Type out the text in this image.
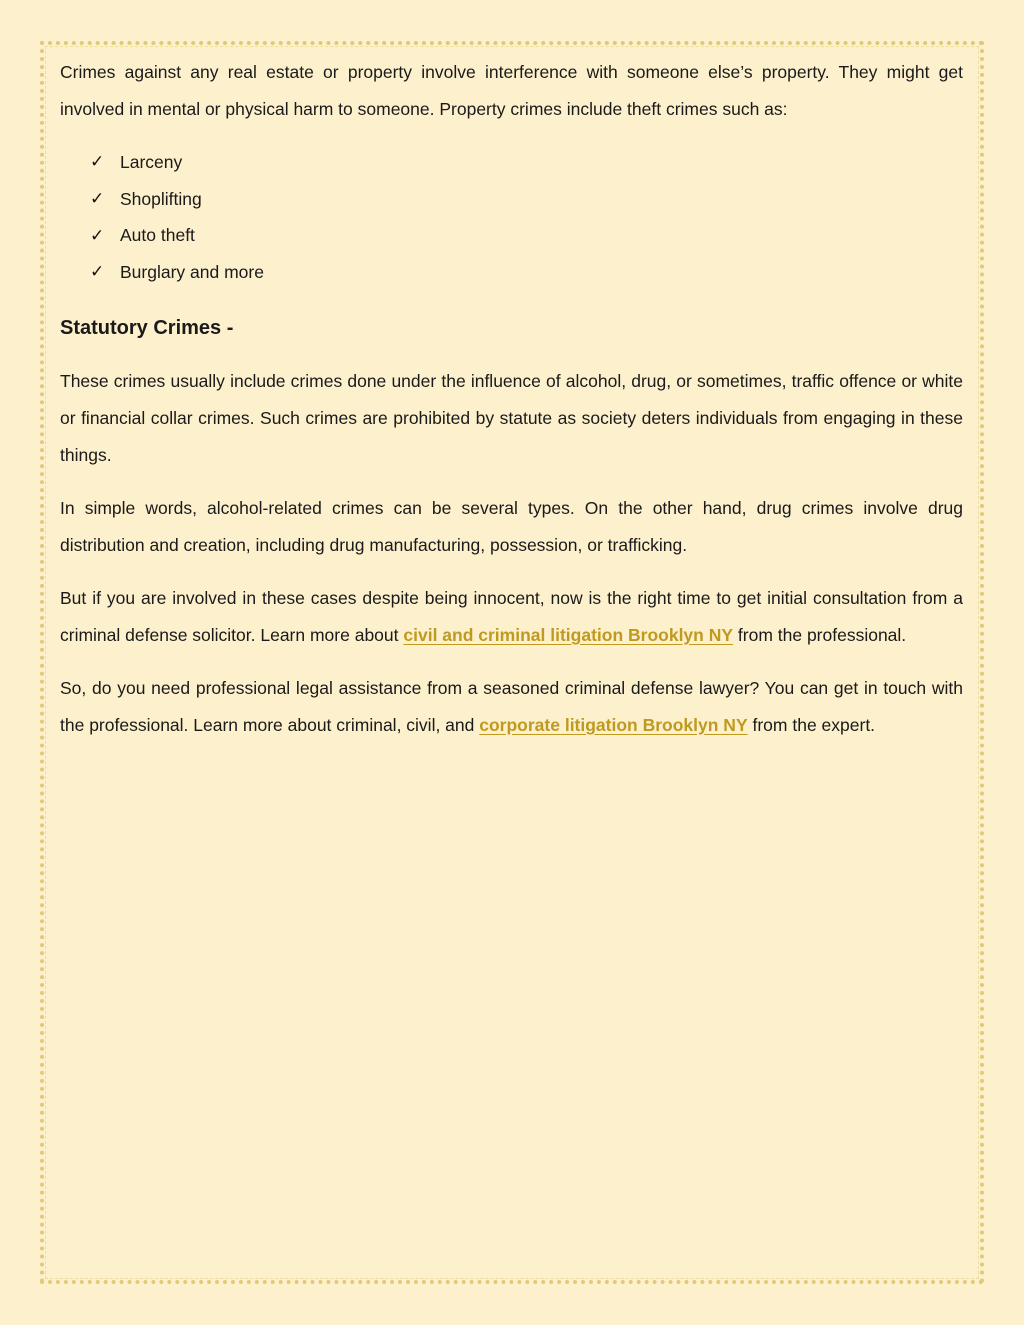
Crimes against any real estate or property involve interference with someone else’s property. They might get involved in mental or physical harm to someone. Property crimes include theft crimes such as:

✓ Larceny
✓ Shoplifting
✓ Auto theft
✓ Burglary and more
Statutory Crimes -

These crimes usually include crimes done under the influence of alcohol, drug, or sometimes, traffic offence or white or financial collar crimes. Such crimes are prohibited by statute as society deters individuals from engaging in these things.

In simple words, alcohol-related crimes can be several types. On the other hand, drug crimes involve drug distribution and creation, including drug manufacturing, possession, or trafficking.

But if you are involved in these cases despite being innocent, now is the right time to get initial consultation from a criminal defense solicitor. Learn more about civil and criminal litigation Brooklyn NY from the professional.

So, do you need professional legal assistance from a seasoned criminal defense lawyer? You can get in touch with the professional. Learn more about criminal, civil, and corporate litigation Brooklyn NY from the expert.
